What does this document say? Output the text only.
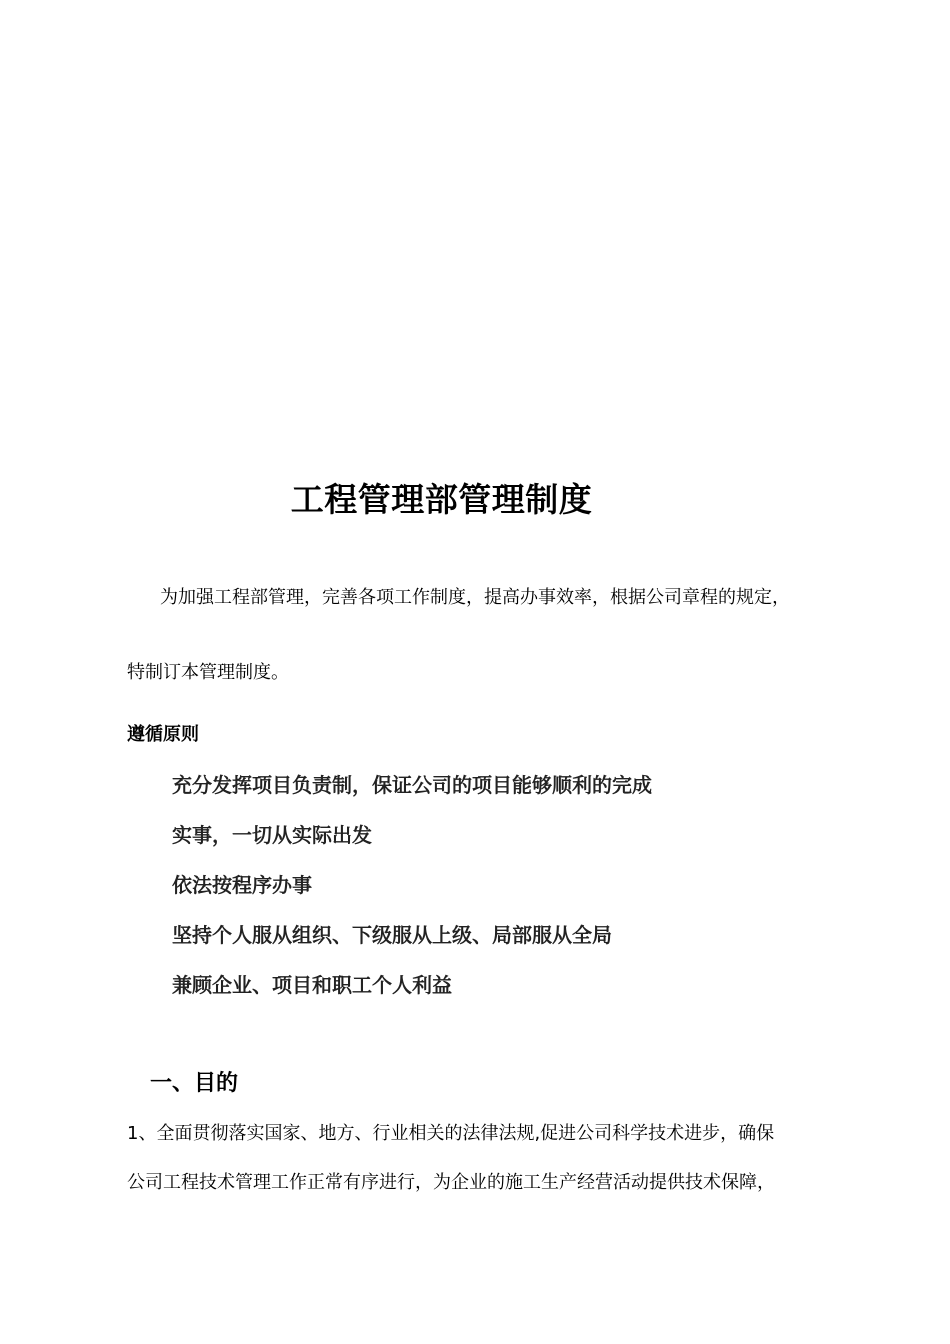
工程管理部管理制度

为加强工程部管理，完善各项工作制度，提高办事效率，根据公司章程的规定，

特制订本管理制度。

遵循原则
充分发挥项目负责制，保证公司的项目能够顺利的完成
实事，一切从实际出发
依法按程序办事
坚持个人服从组织、下级服从上级、局部服从全局
兼顾企业、项目和职工个人利益
一、目的

1、全面贯彻落实国家、地方、行业相关的法律法规,促进公司科学技术进步，确保

公司工程技术管理工作正常有序进行，为企业的施工生产经营活动提供技术保障，
